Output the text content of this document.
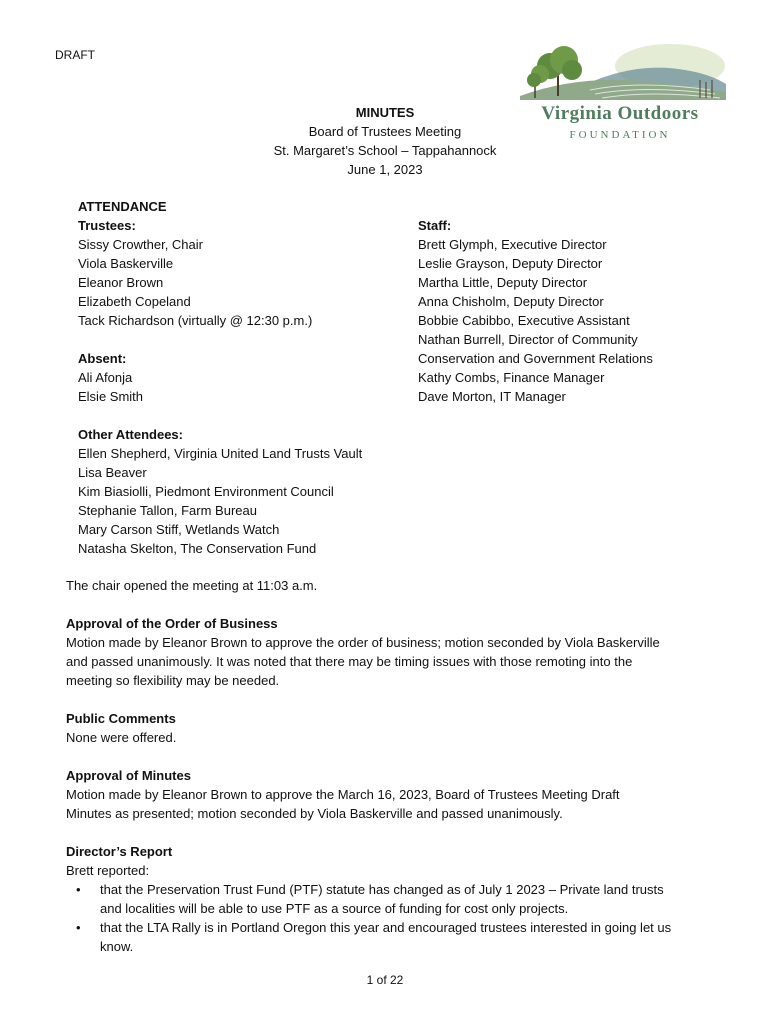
DRAFT
Virginia Outdoors
FOUNDATION
MINUTES
Board of Trustees Meeting
St. Margaret’s School – Tappahannock
June 1, 2023
ATTENDANCE
Trustees:
Sissy Crowther, Chair
Viola Baskerville
Eleanor Brown
Elizabeth Copeland
Tack Richardson (virtually @ 12:30 p.m.)
Absent:
Ali Afonja
Elsie Smith
Other Attendees:
Ellen Shepherd, Virginia United Land Trusts Vault
Lisa Beaver
Kim Biasiolli, Piedmont Environment Council
Stephanie Tallon, Farm Bureau
Mary Carson Stiff, Wetlands Watch
Natasha Skelton, The Conservation Fund
Staff:
Brett Glymph, Executive Director
Leslie Grayson, Deputy Director
Martha Little, Deputy Director
Anna Chisholm, Deputy Director
Bobbie Cabibbo, Executive Assistant
Nathan Burrell, Director of Community
Conservation and Government Relations
Kathy Combs, Finance Manager
Dave Morton, IT Manager
The chair opened the meeting at 11:03 a.m.
Approval of the Order of Business
Motion made by Eleanor Brown to approve the order of business; motion seconded by Viola Baskerville
and passed unanimously. It was noted that there may be timing issues with those remoting into the
meeting so flexibility may be needed.
Public Comments
None were offered.
Approval of Minutes
Motion made by Eleanor Brown to approve the March 16, 2023, Board of Trustees Meeting Draft
Minutes as presented; motion seconded by Viola Baskerville and passed unanimously.
Director’s Report
Brett reported:
• that the Preservation Trust Fund (PTF) statute has changed as of July 1 2023 – Private land trusts
and localities will be able to use PTF as a source of funding for cost only projects.
• that the LTA Rally is in Portland Oregon this year and encouraged trustees interested in going let us
know.
1 of 22
